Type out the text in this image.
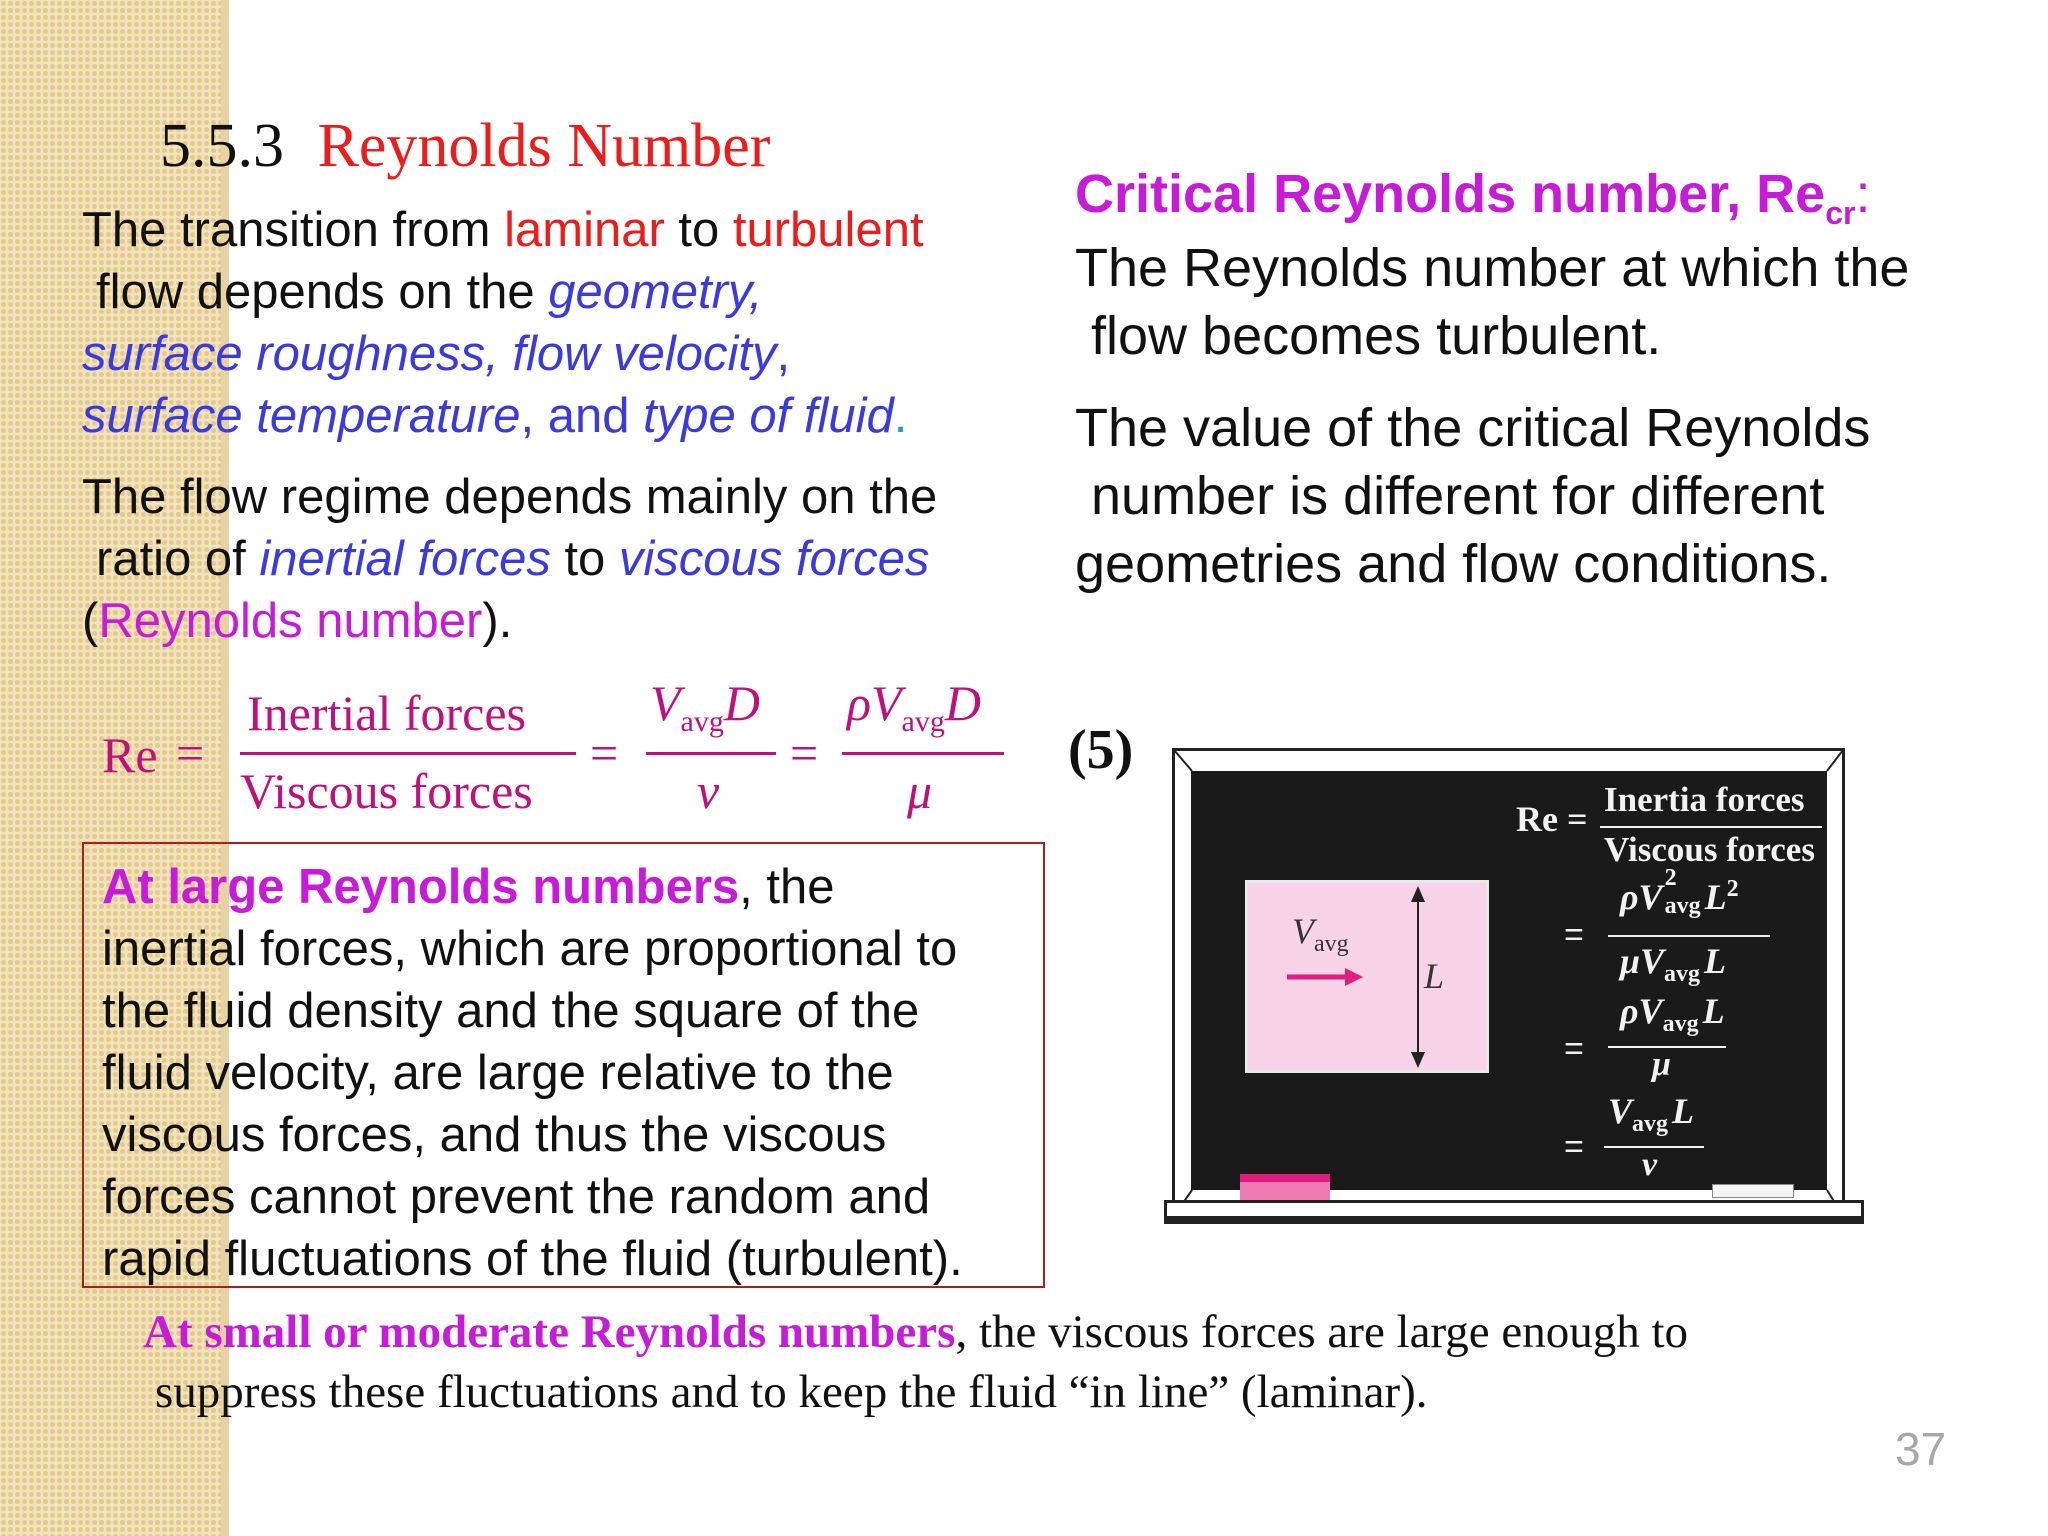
5.5.3 Reynolds Number
The transition from laminar to turbulent
flow depends on the geometry,
surface roughness, flow velocity,
surface temperature, and type of fluid.
The flow regime depends mainly on the
ratio of inertial forces to viscous forces
(Reynolds number).
Re =
Inertial forces
Viscous forces
=
$V_{avg}D$
ν
=
$\rho V_{avg}D$
μ
At large Reynolds numbers, the
inertial forces, which are proportional to
the fluid density and the square of the
fluid velocity, are large relative to the
viscous forces, and thus the viscous
forces cannot prevent the random and
rapid fluctuations of the fluid (turbulent).
Critical Reynolds number, $Re_{cr}$:
The Reynolds number at which the
flow becomes turbulent.
The value of the critical Reynolds
number is different for different
geometries and flow conditions.
(5)
$V_{avg}$
L
Re = Inertia forces
Viscous forces
=
ρV 2
avg $L^2$
$\mu V_{avg}$ L
=
$\rho V_{avg}$ L
μ
=
$V_{avg}$ L
ν
At small or moderate Reynolds numbers, the viscous forces are large enough to
suppress these fluctuations and to keep the fluid “in line” (laminar).
37
